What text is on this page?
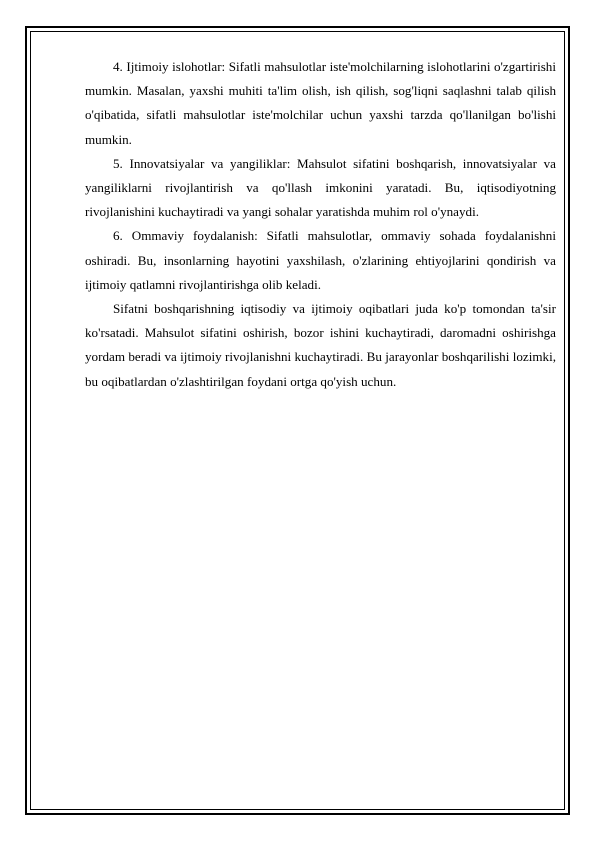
4. Ijtimoiy islohotlar: Sifatli mahsulotlar iste'molchilarning islohotlarini o'zgartirishi mumkin. Masalan, yaxshi muhiti ta'lim olish, ish qilish, sog'liqni saqlashni talab qilish o'qibatida, sifatli mahsulotlar iste'molchilar uchun yaxshi tarzda qo'llanilgan bo'lishi mumkin.

5. Innovatsiyalar va yangiliklar: Mahsulot sifatini boshqarish, innovatsiyalar va yangiliklarni rivojlantirish va qo'llash imkonini yaratadi. Bu, iqtisodiyotning rivojlanishini kuchaytiradi va yangi sohalar yaratishda muhim rol o'ynaydi.

6. Ommaviy foydalanish: Sifatli mahsulotlar, ommaviy sohada foydalanishni oshiradi. Bu, insonlarning hayotini yaxshilash, o'zlarining ehtiyojlarini qondirish va ijtimoiy qatlamni rivojlantirishga olib keladi.

Sifatni boshqarishning iqtisodiy va ijtimoiy oqibatlari juda ko'p tomondan ta'sir ko'rsatadi. Mahsulot sifatini oshirish, bozor ishini kuchaytiradi, daromadni oshirishga yordam beradi va ijtimoiy rivojlanishni kuchaytiradi. Bu jarayonlar boshqarilishi lozimki, bu oqibatlardan o'zlashtirilgan foydani ortga qo'yish uchun.
